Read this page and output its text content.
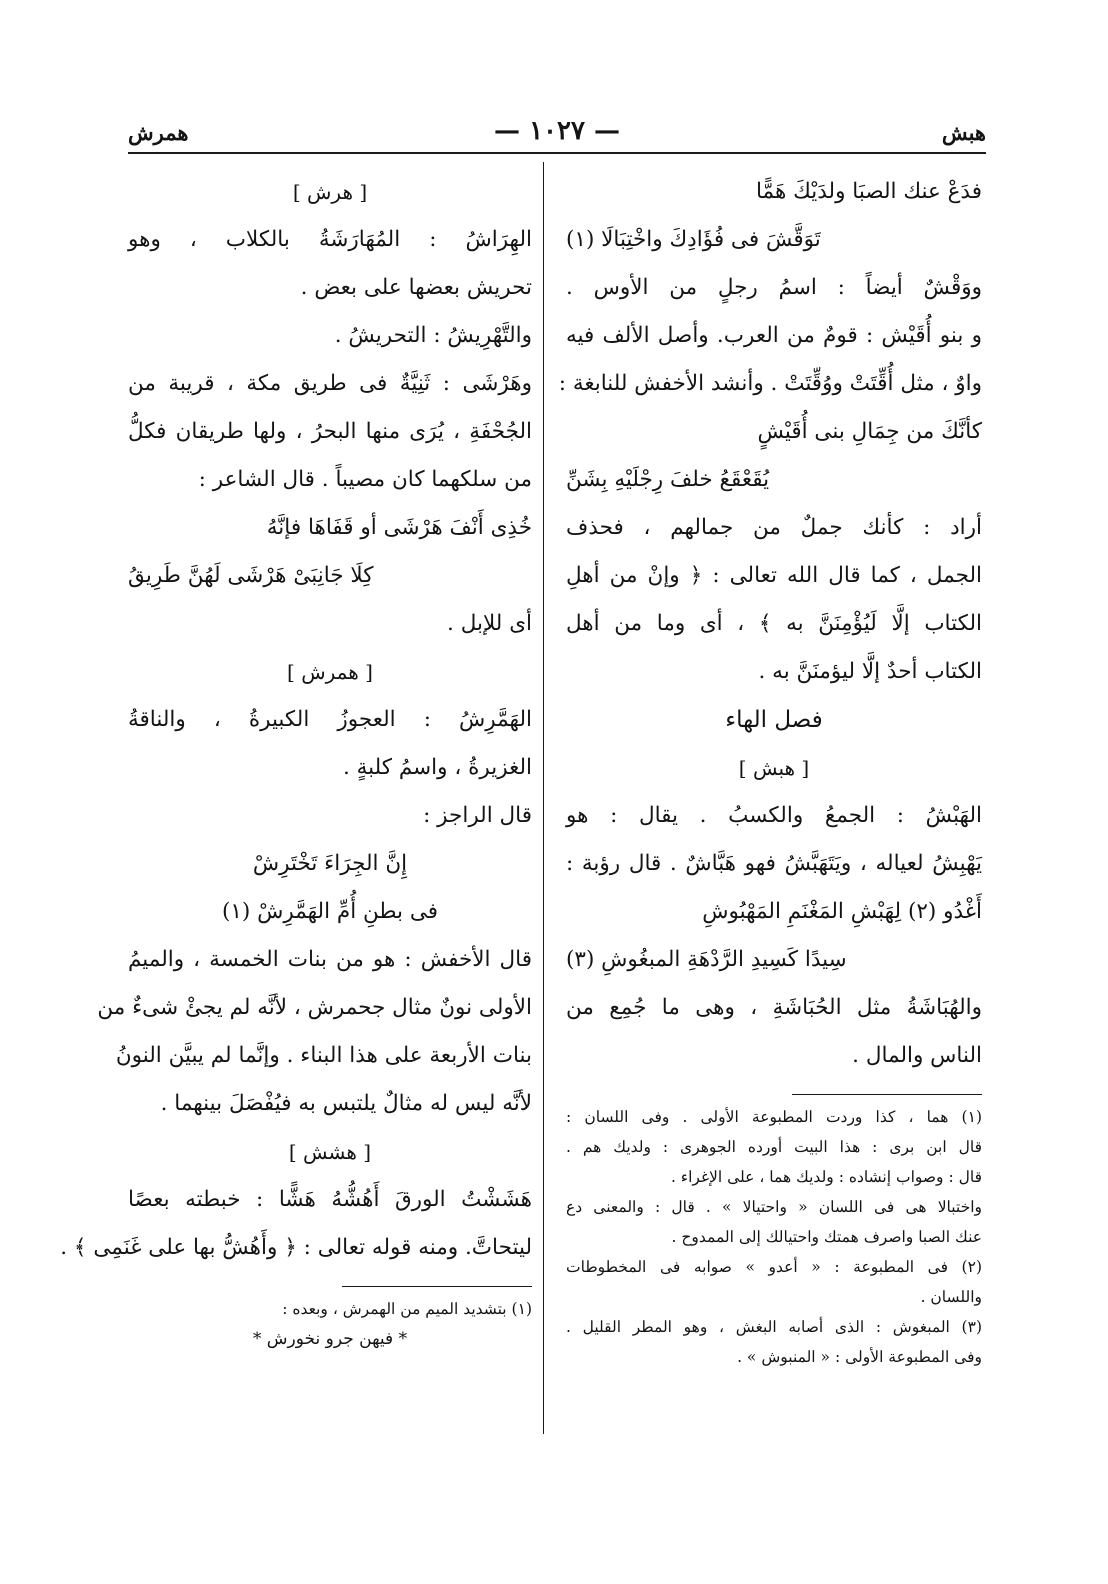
هبش
— ١٠٢٧ —
همرش
فدَعْ عنك الصبَا ولدَيْكَ هَمًّا
تَوَقَّشَ فى فُؤَادِكَ واخْتِبَالَا (١)
ووَقْشٌ أيضاً : اسمُ رجلٍ من الأوس .
و بنو أُقَيْش : قومٌ من العرب. وأصل الألف فيه
واوٌ ، مثل أُقِّتَتْ ووُقِّتَتْ . وأنشد الأخفش للنابغة :
كأنَّكَ من جِمَالِ بنى أُقَيْشٍ
يُقَعْقَعُ خلفَ رِجْلَيْهِ بِشَنِّ
أراد : كأنك جملٌ من جمالهم ، فحذف
الجمل ، كما قال الله تعالى : ﴿ وإنْ من أهلِ
الكتاب إلَّا لَيُؤْمِنَنَّ به ﴾ ، أى وما من أهل
الكتاب أحدٌ إلَّا ليؤمنَنَّ به .
فصل الهاء
[ هبش ]
الهَبْشُ : الجمعُ والكسبُ . يقال : هو
يَهْبِشُ لعياله ، ويَتَهَبَّشُ فهو هَبَّاشٌ . قال رؤبة :
أَغْدُو (٢) لِهَبْشِ المَغْنَمِ المَهْبُوشِ
سِيدًا كَسِيدِ الرَّدْهَةِ المبغُوشِ (٣)
والهُبَاشَةُ مثل الحُبَاشَةِ ، وهى ما جُمِع من
الناس والمال .
(١) هما ، كذا وردت المطبوعة الأولى . وفى اللسان :
قال ابن برى : هذا البيت أورده الجوهرى : ولديك هم .
قال : وصواب إنشاده : ولديك هما ، على الإغراء .
واختبالا هى فى اللسان « واحتيالا » . قال : والمعنى دع
عنك الصبا واصرف همتك واحتيالك إلى الممدوح .
(٢) فى المطبوعة : « أعدو » صوابه فى المخطوطات
واللسان .
(٣) المبغوش : الذى أصابه البغش ، وهو المطر القليل .
وفى المطبوعة الأولى : « المنبوش » .
[ هرش ]
الهِرَاشُ : المُهَارَشَةُ بالكلاب ، وهو
تحريش بعضها على بعض .
والتَّهْرِيشُ : التحريشُ .
وهَرْشَى : ثَنِيَّةٌ فى طريق مكة ، قريبة من
الجُحْفَةِ ، يُرَى منها البحرُ ، ولها طريقان فكلُّ
من سلكهما كان مصيباً . قال الشاعر :
خُذِى أَنْفَ هَرْشَى أو قَفَاهَا فإنَّهُ
كِلَا جَانِبَىْ هَرْشَى لَهُنَّ طَرِيقُ
أى للإبل .
[ همرش ]
الهَمَّرِشُ : العجوزُ الكبيرةُ ، والناقةُ
الغزيرةُ ، واسمُ كلبةٍ .
قال الراجز :
إِنَّ الجِرَاءَ تَخْتَرِشْ
فى بطنِ أُمِّ الهَمَّرِشْ (١)
قال الأخفش : هو من بنات الخمسة ، والميمُ
الأولى نونٌ مثال جحمرش ، لأنَّه لم يجئْ شىءٌ من
بنات الأربعة على هذا البناء . وإنَّما لم يبيَّن النونُ
لأنَّه ليس له مثالٌ يلتبس به فيُفْصَلَ بينهما .
[ هشش ]
هَشَشْتُ الورقَ أَهُشُّهُ هَشًّا : خبطته بعصًا
ليتحاتَّ. ومنه قوله تعالى : ﴿ وأَهُشُّ بها على غَنَمِى ﴾ .
(١) بتشديد الميم من الهمرش ، وبعده :
* فيهن جرو نخورش *
